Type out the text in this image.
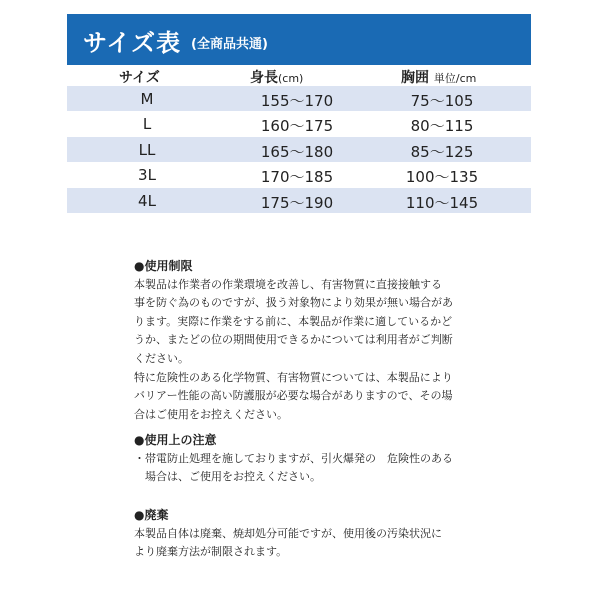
サイズ表 (全商品共通)
サイズ	身長(cm)	胸囲 単位/cm
M	155〜170	75〜105
L	160〜175	80〜115
LL	165〜180	85〜125
3L	170〜185	100〜135
4L	175〜190	110〜145
●使用制限

本製品は作業者の作業環境を改善し、有害物質に直接接触する

事を防ぐ為のものですが、扱う対象物により効果が無い場合があ

ります。実際に作業をする前に、本製品が作業に適しているかど

うか、またどの位の期間使用できるかについては利用者がご判断

ください。

特に危険性のある化学物質、有害物質については、本製品により

バリアー性能の高い防護服が必要な場合がありますので、その場

合はご使用をお控えください。

●使用上の注意

・帯電防止処理を施しておりますが、引火爆発の　危険性のある

　場合は、ご使用をお控えください。

●廃棄

本製品自体は廃棄、焼却処分可能ですが、使用後の汚染状況に

より廃棄方法が制限されます。
